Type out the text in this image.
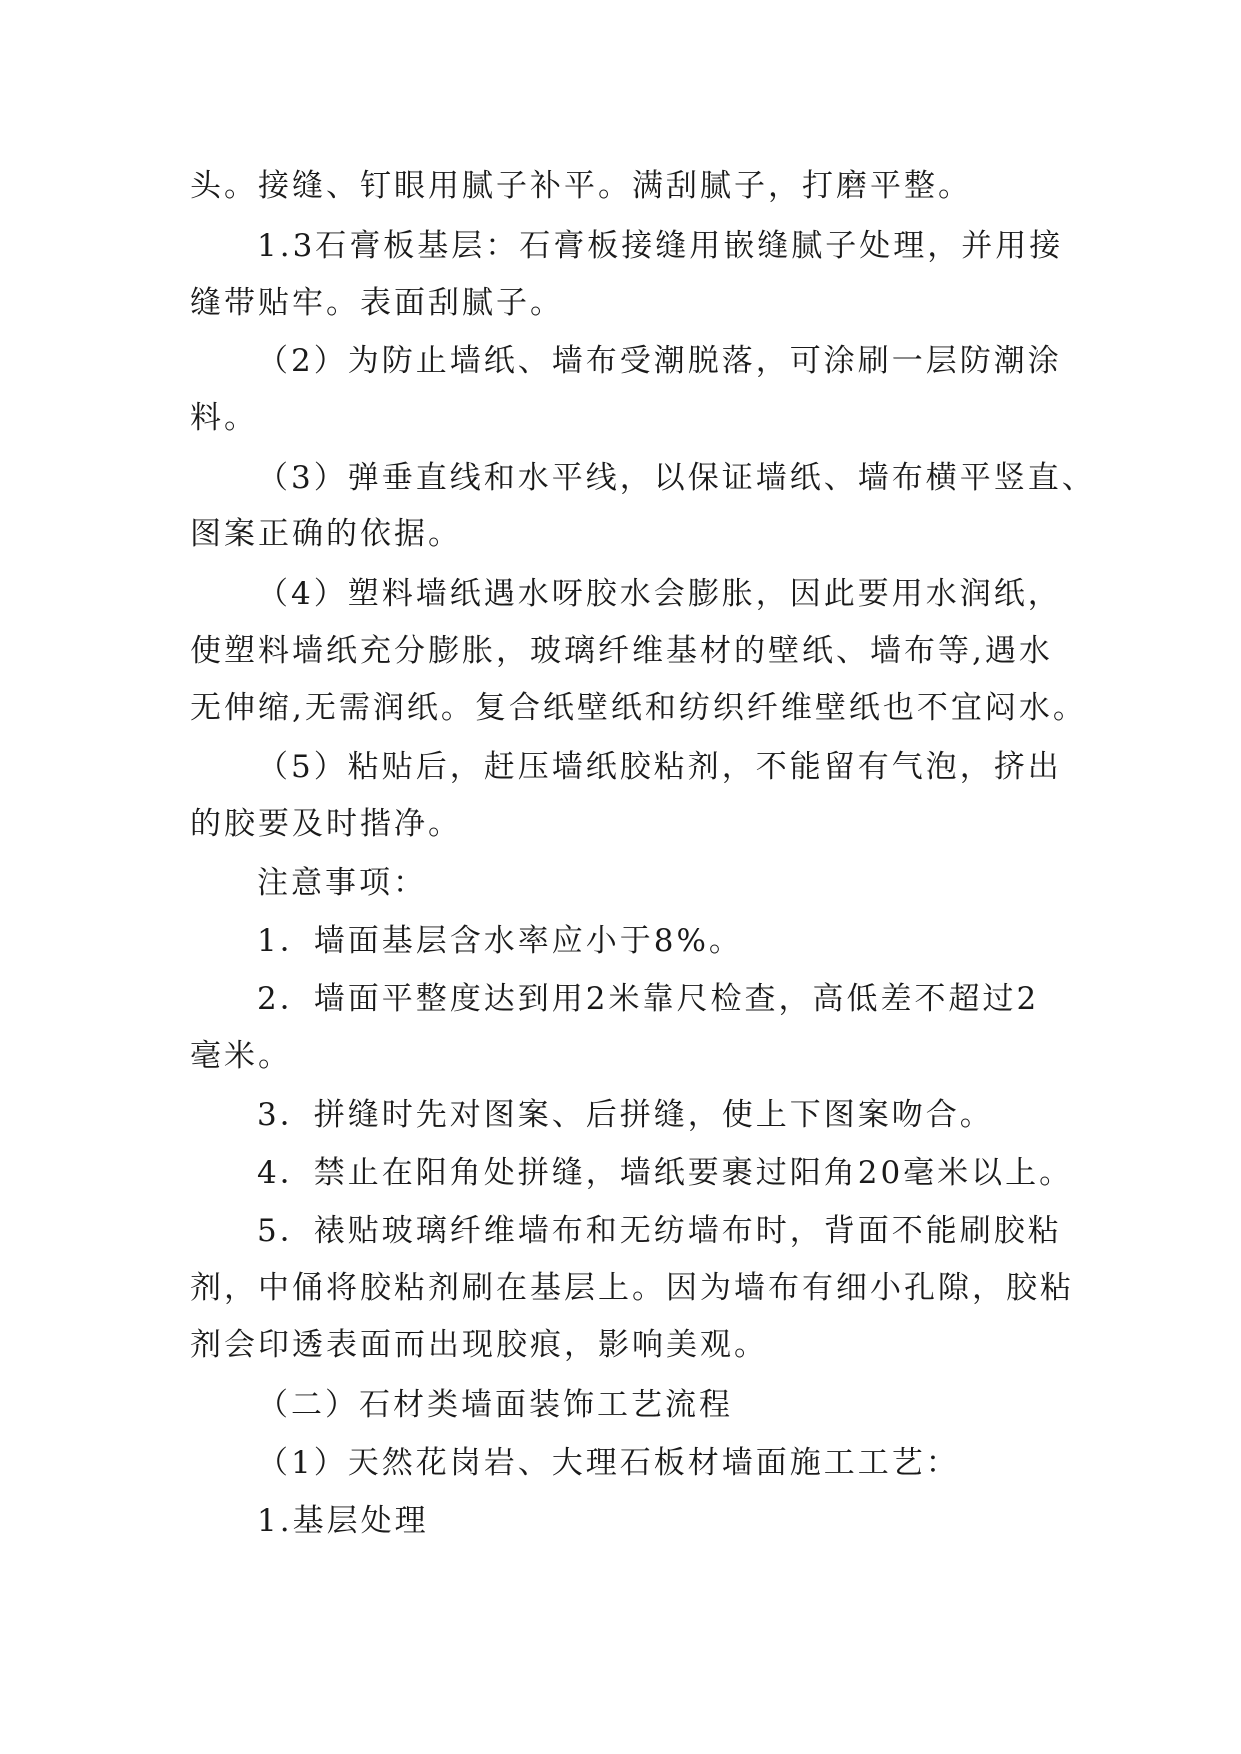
头。接缝、钉眼用腻子补平。满刮腻子，打磨平整。
1.3石膏板基层：石膏板接缝用嵌缝腻子处理，并用接
缝带贴牢。表面刮腻子。
（2）为防止墙纸、墙布受潮脱落，可涂刷一层防潮涂
料。
（3）弹垂直线和水平线，以保证墙纸、墙布横平竖直、
图案正确的依据。
（4）塑料墙纸遇水呀胶水会膨胀，因此要用水润纸，
使塑料墙纸充分膨胀，玻璃纤维基材的壁纸、墙布等,遇水
无伸缩,无需润纸。复合纸壁纸和纺织纤维壁纸也不宜闷水。
（5）粘贴后，赶压墙纸胶粘剂，不能留有气泡，挤出
的胶要及时揩净。
注意事项：
1．墙面基层含水率应小于8%。
2．墙面平整度达到用2米靠尺检查，高低差不超过2
毫米。
3．拼缝时先对图案、后拼缝，使上下图案吻合。
4．禁止在阳角处拼缝，墙纸要裹过阳角20毫米以上。
5．裱贴玻璃纤维墙布和无纺墙布时，背面不能刷胶粘
剂，中俑将胶粘剂刷在基层上。因为墙布有细小孔隙，胶粘
剂会印透表面而出现胶痕，影响美观。
（二）石材类墙面装饰工艺流程
（1）天然花岗岩、大理石板材墙面施工工艺：
1.基层处理
